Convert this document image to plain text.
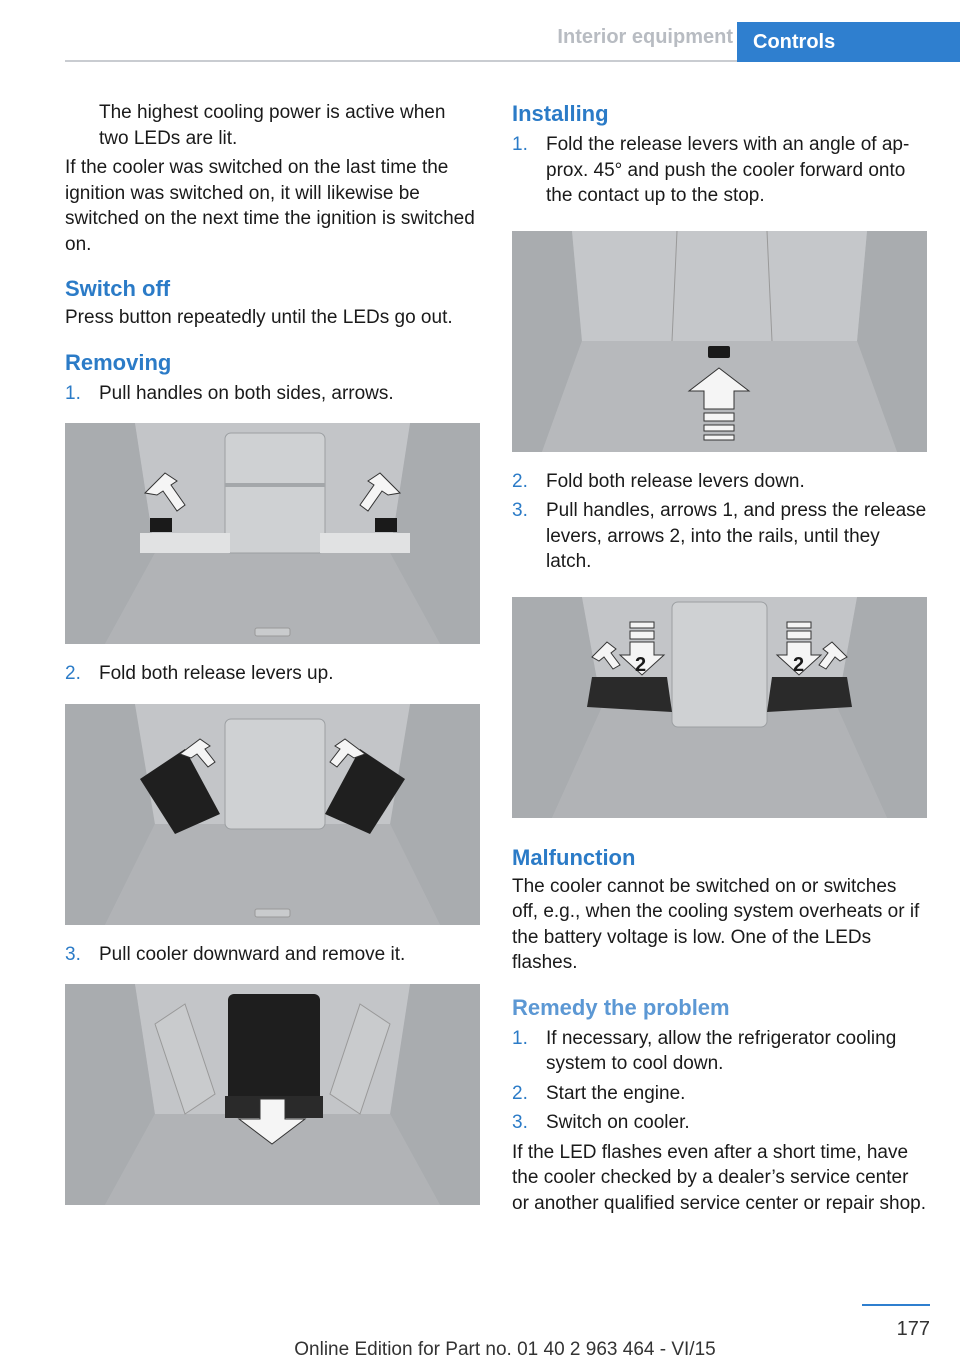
Interior equipment	Controls

The highest cooling power is active when two LEDs are lit.

If the cooler was switched on the last time the ignition was switched on, it will likewise be switched on the next time the ignition is switched on.

Switch off

Press button repeatedly until the LEDs go out.

Removing
1. Pull handles on both sides, arrows.
2. Fold both release levers up.
3. Pull cooler downward and remove it.
Installing
1. Fold the release levers with an angle of approx. 45° and push the cooler forward onto the contact up to the stop.
2. Fold both release levers down.
3. Pull handles, arrows 1, and press the release levers, arrows 2, into the rails, until they latch.
2	2
Malfunction

The cooler cannot be switched on or switches off, e.g., when the cooling system overheats or if the battery voltage is low. One of the LEDs flashes.

Remedy the problem
1. If necessary, allow the refrigerator cooling system to cool down.
2. Start the engine.
3. Switch on cooler.

If the LED flashes even after a short time, have the cooler checked by a dealer’s service center or another qualified service center or repair shop.

177
Online Edition for Part no. 01 40 2 963 464 - VI/15
